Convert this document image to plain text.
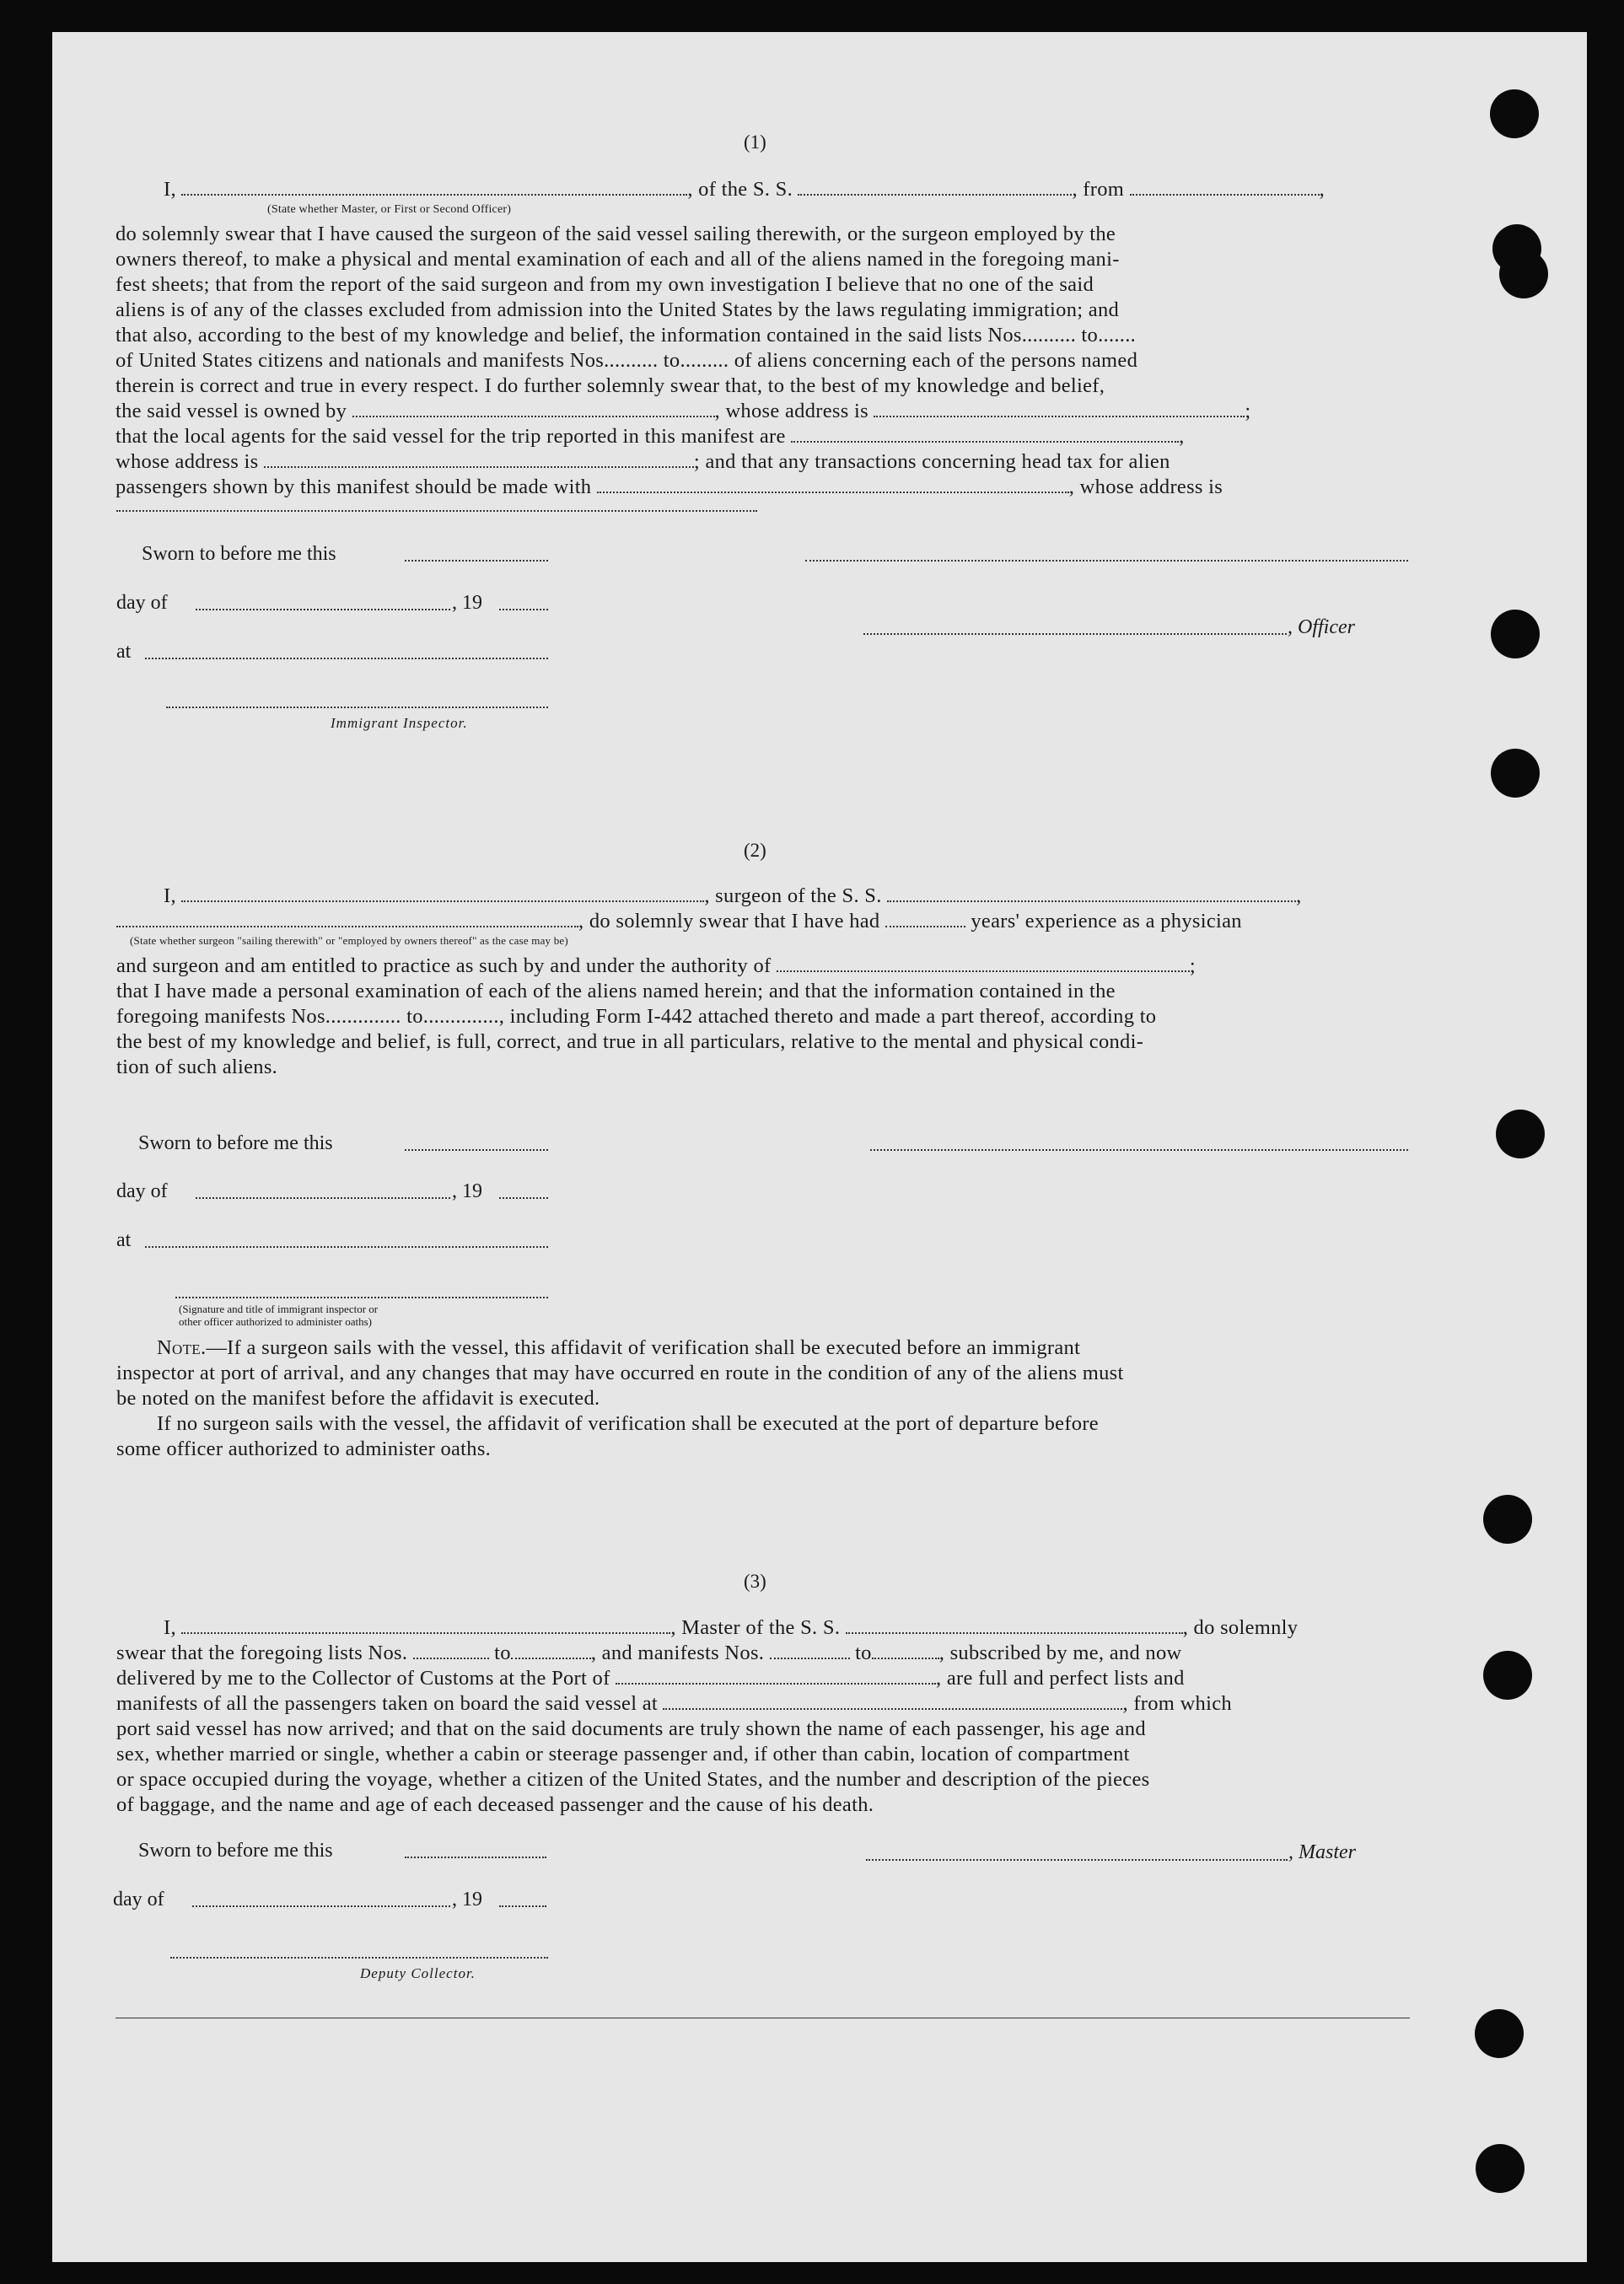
(1)
I,	, of the S. S.	, from	,
(State whether Master, or First or Second Officer)
do solemnly swear that I have caused the surgeon of the said vessel sailing therewith, or the surgeon employed by the
owners thereof, to make a physical and mental examination of each and all of the aliens named in the foregoing mani-
fest sheets; that from the report of the said surgeon and from my own investigation I believe that no one of the said
aliens is of any of the classes excluded from admission into the United States by the laws regulating immigration; and
that also, according to the best of my knowledge and belief, the information contained in the said lists Nos.......... to.......
of United States citizens and nationals and manifests Nos.......... to......... of aliens concerning each of the persons named
therein is correct and true in every respect. I do further solemnly swear that, to the best of my knowledge and belief,
the said vessel is owned by	, whose address is	;
that the local agents for the said vessel for the trip reported in this manifest are	,
whose address is	; and that any transactions concerning head tax for alien
passengers shown by this manifest should be made with	, whose address is
Sworn to before me this
day of	, 19
at
Immigrant Inspector.
, Officer
(2)
I,	, surgeon of the S. S.	,
, do solemnly swear that I have had	years' experience as a physician
(State whether surgeon "sailing therewith" or "employed by owners thereof" as the case may be)
and surgeon and am entitled to practice as such by and under the authority of	;
that I have made a personal examination of each of the aliens named herein; and that the information contained in the
foregoing manifests Nos.............. to.............., including Form I-442 attached thereto and made a part thereof, according to
the best of my knowledge and belief, is full, correct, and true in all particulars, relative to the mental and physical condi-
tion of such aliens.
Sworn to before me this
day of	, 19
at
(Signature and title of immigrant inspector or
other officer authorized to administer oaths)
Note.—If a surgeon sails with the vessel, this affidavit of verification shall be executed before an immigrant
inspector at port of arrival, and any changes that may have occurred en route in the condition of any of the aliens must
be noted on the manifest before the affidavit is executed.
If no surgeon sails with the vessel, the affidavit of verification shall be executed at the port of departure before
some officer authorized to administer oaths.
(3)
I,	, Master of the S. S.	, do solemnly
swear that the foregoing lists Nos.	to	, and manifests Nos.	to	, subscribed by me, and now
delivered by me to the Collector of Customs at the Port of	, are full and perfect lists and
manifests of all the passengers taken on board the said vessel at	, from which
port said vessel has now arrived; and that on the said documents are truly shown the name of each passenger, his age and
sex, whether married or single, whether a cabin or steerage passenger and, if other than cabin, location of compartment
or space occupied during the voyage, whether a citizen of the United States, and the number and description of the pieces
of baggage, and the name and age of each deceased passenger and the cause of his death.
Sworn to before me this	, Master
day of	, 19
Deputy Collector.
